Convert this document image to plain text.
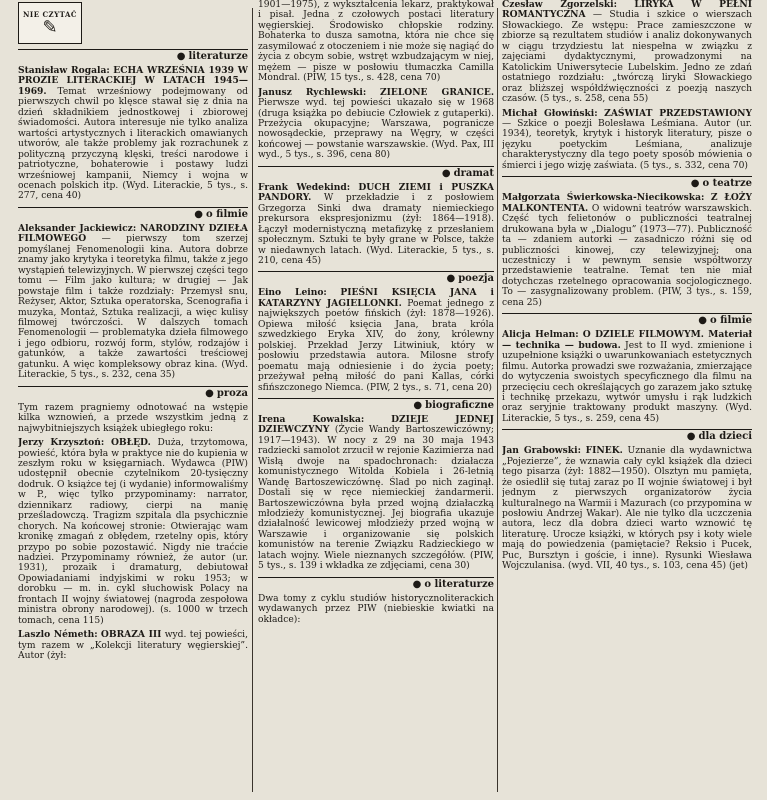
NIE CZYTAĆ
✎
● literaturze

Stanisław Rogala: ECHA WRZEŚNIA 1939 W PROZIE LITERACKIEJ W LATACH 1945—1969. Temat wrześniowy podejmowany od pierwszych chwil po klęsce stawał się z dnia na dzień składnikiem jednostkowej i zbiorowej świadomości. Autora interesuje nie tylko analiza wartości artystycznych i literackich omawianych utworów, ale także problemy jak rozrachunek z polityczną przyczyną klęski, treści narodowe i patriotyczne, bohaterowie i postawy ludzi wrześniowej kampanii, Niemcy i wojna w ocenach polskich itp. (Wyd. Literackie, 5 tys., s. 277, cena 40)

● o filmie

Aleksander Jackiewicz: NARODZINY DZIEŁA FILMOWEGO — pierwszy tom szerzej pomyślanej Fenomenologii kina. Autora dobrze znamy jako krytyka i teoretyka filmu, także z jego wystąpień telewizyjnych. W pierwszej części tego tomu — Film jako kultura; w drugiej — Jak powstaje film i także rozdziały: Przemysł snu, Reżyser, Aktor, Sztuka operatorska, Scenografia i muzyka, Montaż, Sztuka realizacji, a więc kulisy filmowej twórczości. W dalszych tomach Fenomenologii — problematyka dzieła filmowego i jego odbioru, rozwój form, stylów, rodzajów i gatunków, a także zawartości treściowej gatunku. A więc kompleksowy obraz kina. (Wyd. Literackie, 5 tys., s. 232, cena 35)

● proza

Tym razem pragniemy odnotować na wstępie kilka wznowień, a przede wszystkim jedną z najwybitniejszych książek ubiegłego roku:

Jerzy Krzysztoń: OBŁĘD. Duża, trzytomowa, powieść, która była w praktyce nie do kupienia w zeszłym roku w księgarniach. Wydawca (PIW) udostępnił obecnie czytelnikom 20-tysięczny dodruk. O książce tej (i wydanie) informowaliśmy w P., więc tylko przypominamy: narrator, dziennikarz radiowy, cierpi na manię prześladowczą. Tragizm szpitala dla psychicznie chorych. Na końcowej stronie: Otwierając wam kronikę zmagań z obłędem, rzetelny opis, który przypo po sobie pozostawić. Nigdy nie traćcie nadziei. Przypominamy również, że autor (ur. 1931), prozaik i dramaturg, debiutował Opowiadaniami indyjskimi w roku 1953; w dorobku — m. in. cykl słuchowisk Polacy na frontach II wojny światowej (nagroda zespołowa ministra obrony narodowej). (s. 1000 w trzech tomach, cena 115)

Laszlo Németh: OBRAZA III wyd. tej powieści, tym razem w „Kolekcji literatury węgierskiej”. Autor (żył:

1901—1975), z wykształcenia lekarz, praktykował i pisał. Jedna z czołowych postaci literatury węgierskiej. Środowisko chłopskie rodziny. Bohaterka to dusza samotna, która nie chce się zasymilować z otoczeniem i nie może się nagiąć do życia z obcym sobie, wstręt wzbudzającym w niej, mężem — pisze w posłowiu tłumaczka Camilla Mondral. (PIW, 15 tys., s. 428, cena 70)

Janusz Rychlewski: ZIELONE GRANICE. Pierwsze wyd. tej powieści ukazało się w 1968 (druga książka po debiucie Człowiek z gutaperki). Przeżycia okupacyjne; Warszawa, pogranicze nowosądeckie, przeprawy na Węgry, w części końcowej — powstanie warszawskie. (Wyd. Pax, III wyd., 5 tys., s. 396, cena 80)

● dramat

Frank Wedekind: DUCH ZIEMI i PUSZKA PANDORY. W przekładzie i z posłowiem Grzegorza Sinki dwa dramaty niemieckiego prekursora ekspresjonizmu (żył: 1864—1918). Łączył modernistyczną metafizykę z przesłaniem społecznym. Sztuki te były grane w Polsce, także w niedawnych latach. (Wyd. Literackie, 5 tys., s. 210, cena 45)

● poezja

Eino Leino: PIEŚNI KSIĘCIA JANA i KATARZYNY JAGIELLONKI. Poemat jednego z największych poetów fińskich (żył: 1878—1926). Opiewa miłość księcia Jana, brata króla szwedzkiego Eryka XIV, do żony, królewny polskiej. Przekład Jerzy Litwiniuk, który w posłowiu przedstawia autora. Milosne strofy poematu mają odniesienie i do życia poety; przeżywał pełną miłość do pani Kallas, córki sfińszczonego Niemca. (PIW, 2 tys., s. 71, cena 20)

● biograficzne

Irena Kowalska:	DZIEJE JEDNEJ DZIEWCZYNY (Życie Wandy Bartoszewiczówny; 1917—1943). W nocy z 29 na 30 maja 1943 radziecki samolot zrzucił w rejonie Kazimierza nad Wisłą dwoje na spadochronach: działacza komunistycznego Witolda Kobiela i 26-letnią Wandę Bartoszewiczównę. Ślad po nich zaginął. Dostali się w ręce niemieckiej żandarmerii. Bartoszewiczówna była przed wojną działaczką młodzieży komunistycznej. Jej biografia ukazuje działalność lewicowej młodzieży przed wojną w Warszawie i organizowanie się polskich komunistów na terenie Związku Radzieckiego w latach wojny. Wiele nieznanych szczegółów. (PIW, 5 tys., s. 139 i wkładka ze zdjęciami, cena 30)

● o literaturze

Dwa tomy z cyklu studiów historycznoliterackich wydawanych przez PIW (niebieskie kwiatki na okładce):

Czesław Zgorzelski: LIRYKA W PEŁNI ROMANTYCZNA — Studia i szkice o wierszach Słowackiego. Ze wstępu: Prace zamieszczone w zbiorze są rezultatem studiów i analiz dokonywanych w ciągu trzydziestu lat niespełna w związku z zajęciami dydaktycznymi, prowadzonymi na Katolickim Uniwersytecie Lubelskim. Jedno ze zdań ostatniego rozdziału: „twórczą liryki Słowackiego oraz bliższej współdźwięczności z poezją naszych czasów. (5 tys., s. 258, cena 55)

Michał Głowiński: ZAŚWIAT PRZEDSTAWIONY — Szkice o poezji Bolesława Leśmiana. Autor (ur. 1934), teoretyk, krytyk i historyk literatury, pisze o języku poetyckim Leśmiana, analizuje charakterystyczny dla tego poety sposób mówienia o śmierci i jego wizję zaświata. (5 tys., s. 332, cena 70)

● o teatrze

Małgorzata Świerkowska-Niecikowska: Z ŁOŻY MALKONTENTA. O widowni teatrów warszawskich. Część tych felietonów o publiczności teatralnej drukowana była w „Dialogu” (1973—77). Publiczność ta — zdaniem autorki — zasadniczo różni się od publiczności kinowej, czy telewizyjnej; ona uczestniczy i w pewnym sensie współtworzy przedstawienie teatralne. Temat ten nie miał dotychczas rzetelnego opracowania socjologicznego. To — zasygnalizowany problem. (PIW, 3 tys., s. 159, cena 25)

● o filmie

Alicja Helman: O DZIELE FILMOWYM. Materiał — technika — budowa. Jest to II wyd. zmienione i uzupełnione książki o uwarunkowaniach estetycznych filmu. Autorka prowadzi swe rozważania, zmierzające do wytyczenia swoistych specyficznego dla filmu na przecięciu cech określających go zarazem jako sztukę i technikę przekazu, wytwór umysłu i rąk ludzkich oraz seryjnie traktowany produkt maszyny. (Wyd. Literackie, 5 tys., s. 259, cena 45)

● dla dzieci

Jan Grabowski: FINEK. Uznanie dla wydawnictwa „Pojezierze”, że wznawia cały cykl książek dla dzieci tego pisarza (żył: 1882—1950). Olsztyn mu pamięta, że osiedlił się tutaj zaraz po II wojnie światowej i był jednym z pierwszych organizatorów życia kulturalnego na Warmii i Mazurach (co przypomina w posłowiu Andrzej Wakar). Ale nie tylko dla uczczenia autora, lecz dla dobra dzieci warto wznowić tę literaturę. Urocze książki, w których psy i koty wiele mają do powiedzenia (pamiętacie? Reksio i Pucek, Puc, Bursztyn i goście, i inne). Rysunki Wiesława Wojczulanisa. (wyd. VII, 40 tys., s. 103, cena 45) (jet)
